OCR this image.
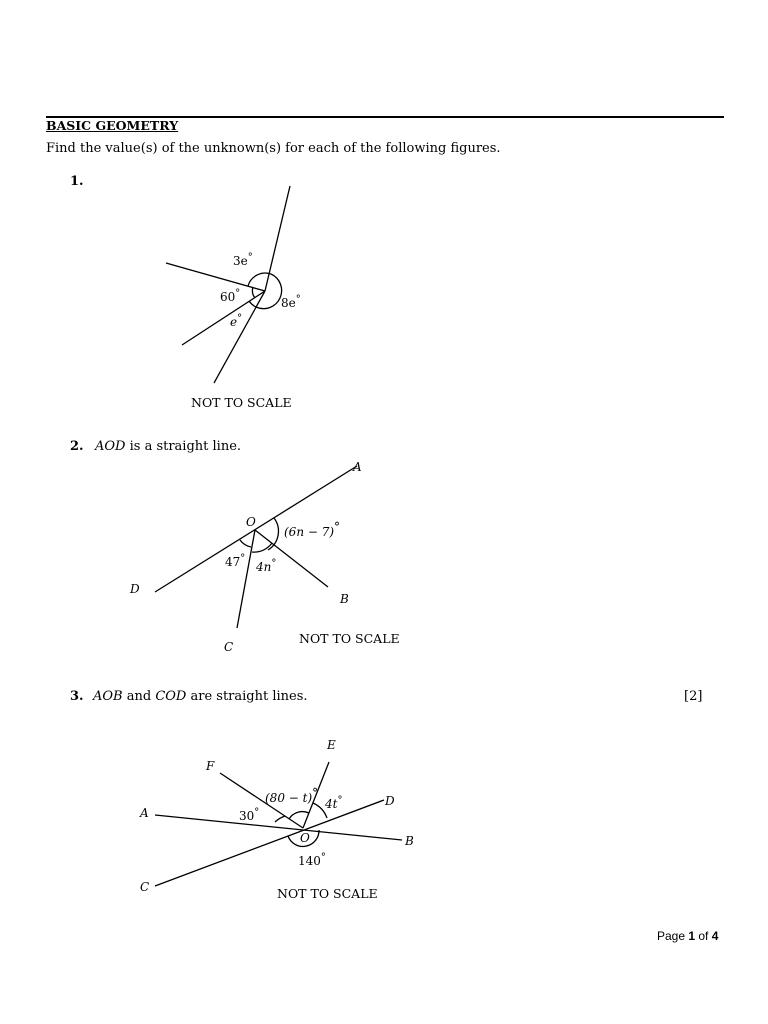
BASIC GEOMETRY
Find the value(s) of the unknown(s) for each of the following figures.
1.
3e°
60°
8e°
e°
NOT TO SCALE
2. AOD is a straight line.
A
O
D
B
C
(6n − 7)°
47°
4n°
NOT TO SCALE
3. AOB and COD are straight lines.	[2]
E
F
D
A
O	B
C
(80 − t)°
4t°
30°
140°
NOT TO SCALE
Page 1 of 4
